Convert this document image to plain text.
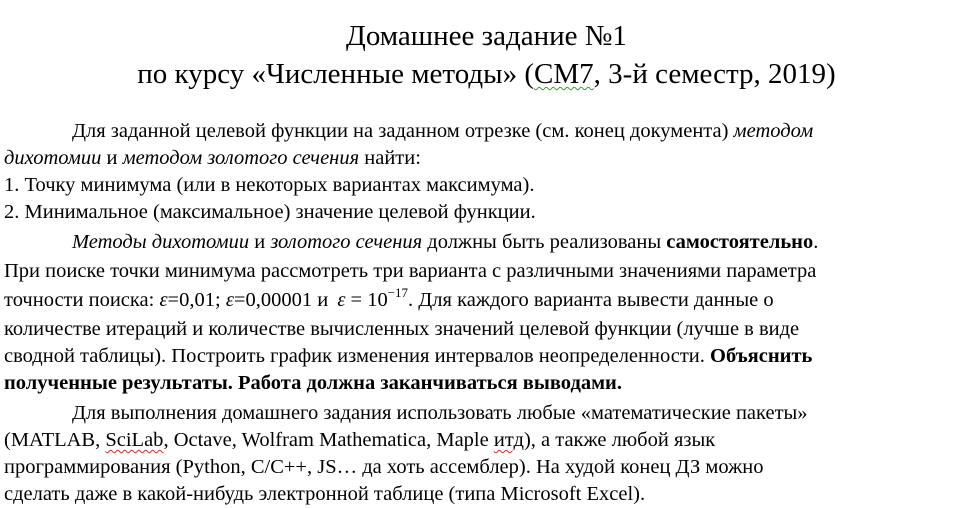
Домашнее задание №1
по курсу «Численные методы» (СМ7, 3-й семестр, 2019)
Для заданной целевой функции на заданном отрезке (см. конец документа) методом
дихотомии и методом золотого сечения найти:
1. Точку минимума (или в некоторых вариантах максимума).
2. Минимальное (максимальное) значение целевой функции.
Методы дихотомии и золотого сечения должны быть реализованы самостоятельно.
При поиске точки минимума рассмотреть три варианта с различными значениями параметра
точности поиска: ε=0,01; ε=0,00001 и $\varepsilon = 10^{-17}$. Для каждого варианта вывести данные о
количестве итераций и количестве вычисленных значений целевой функции (лучше в виде
сводной таблицы). Построить график изменения интервалов неопределенности. Объяснить
полученные результаты. Работа должна заканчиваться выводами.
Для выполнения домашнего задания использовать любые «математические пакеты»
(MATLAB, SciLab, Octave, Wolfram Mathematica, Maple итд), а также любой язык
программирования (Python, C/C++, JS… да хоть ассемблер). На худой конец ДЗ можно
сделать даже в какой-нибудь электронной таблице (типа Microsoft Excel).
